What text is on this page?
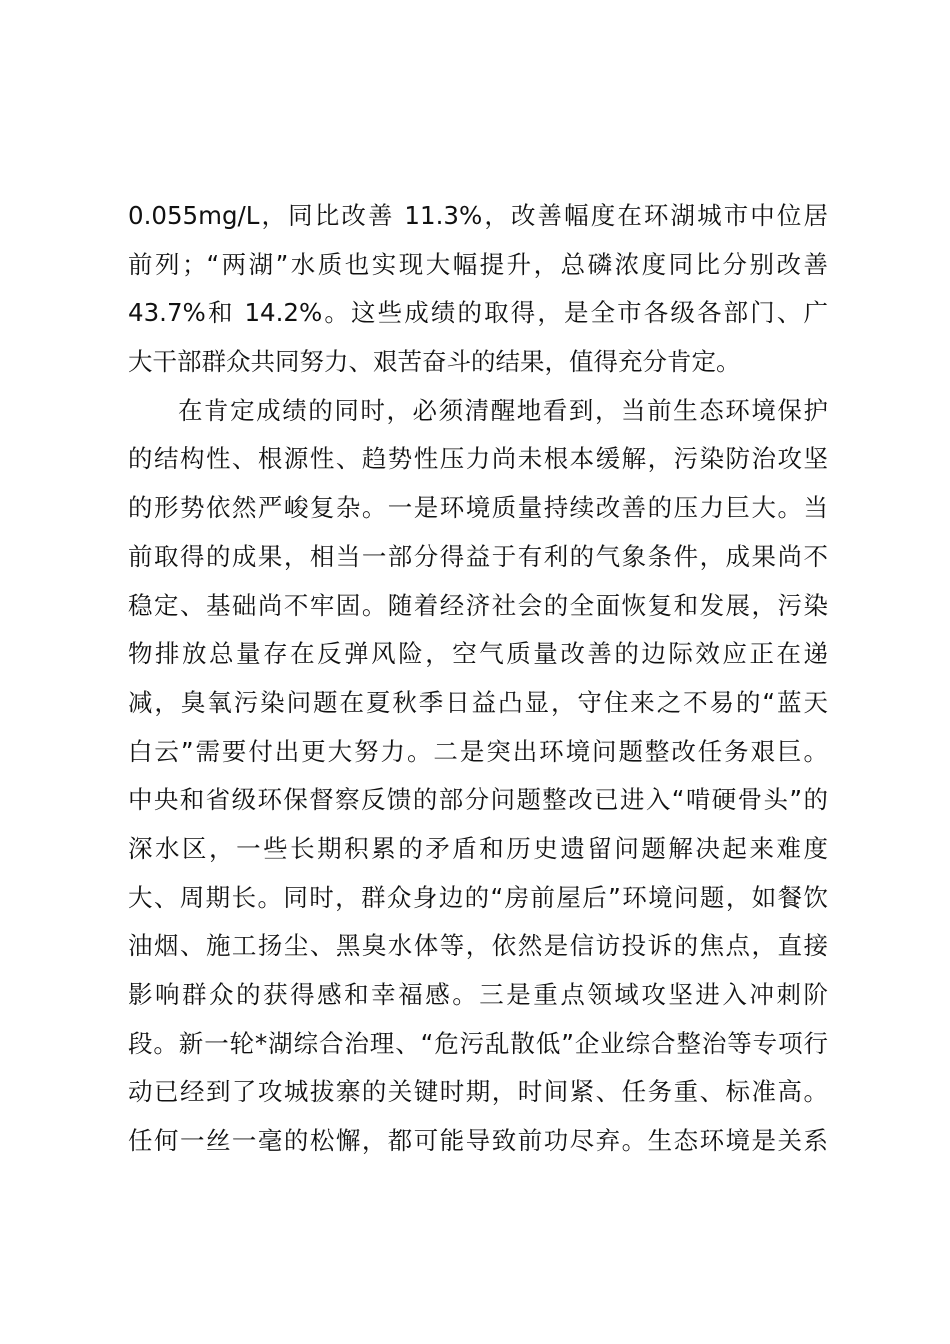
0.055mg/L，同比改善 11.3%，改善幅度在环湖城市中位居
前列；“两湖”水质也实现大幅提升，总磷浓度同比分别改善
43.7%和 14.2%。这些成绩的取得，是全市各级各部门、广
大干部群众共同努力、艰苦奋斗的结果，值得充分肯定。
在肯定成绩的同时，必须清醒地看到，当前生态环境保护
的结构性、根源性、趋势性压力尚未根本缓解，污染防治攻坚
的形势依然严峻复杂。一是环境质量持续改善的压力巨大。当
前取得的成果，相当一部分得益于有利的气象条件，成果尚不
稳定、基础尚不牢固。随着经济社会的全面恢复和发展，污染
物排放总量存在反弹风险，空气质量改善的边际效应正在递
减，臭氧污染问题在夏秋季日益凸显，守住来之不易的“蓝天
白云”需要付出更大努力。二是突出环境问题整改任务艰巨。
中央和省级环保督察反馈的部分问题整改已进入“啃硬骨头”的
深水区，一些长期积累的矛盾和历史遗留问题解决起来难度
大、周期长。同时，群众身边的“房前屋后”环境问题，如餐饮
油烟、施工扬尘、黑臭水体等，依然是信访投诉的焦点，直接
影响群众的获得感和幸福感。三是重点领域攻坚进入冲刺阶
段。新一轮*湖综合治理、“危污乱散低”企业综合整治等专项行
动已经到了攻城拔寨的关键时期，时间紧、任务重、标准高。
任何一丝一毫的松懈，都可能导致前功尽弃。生态环境是关系
